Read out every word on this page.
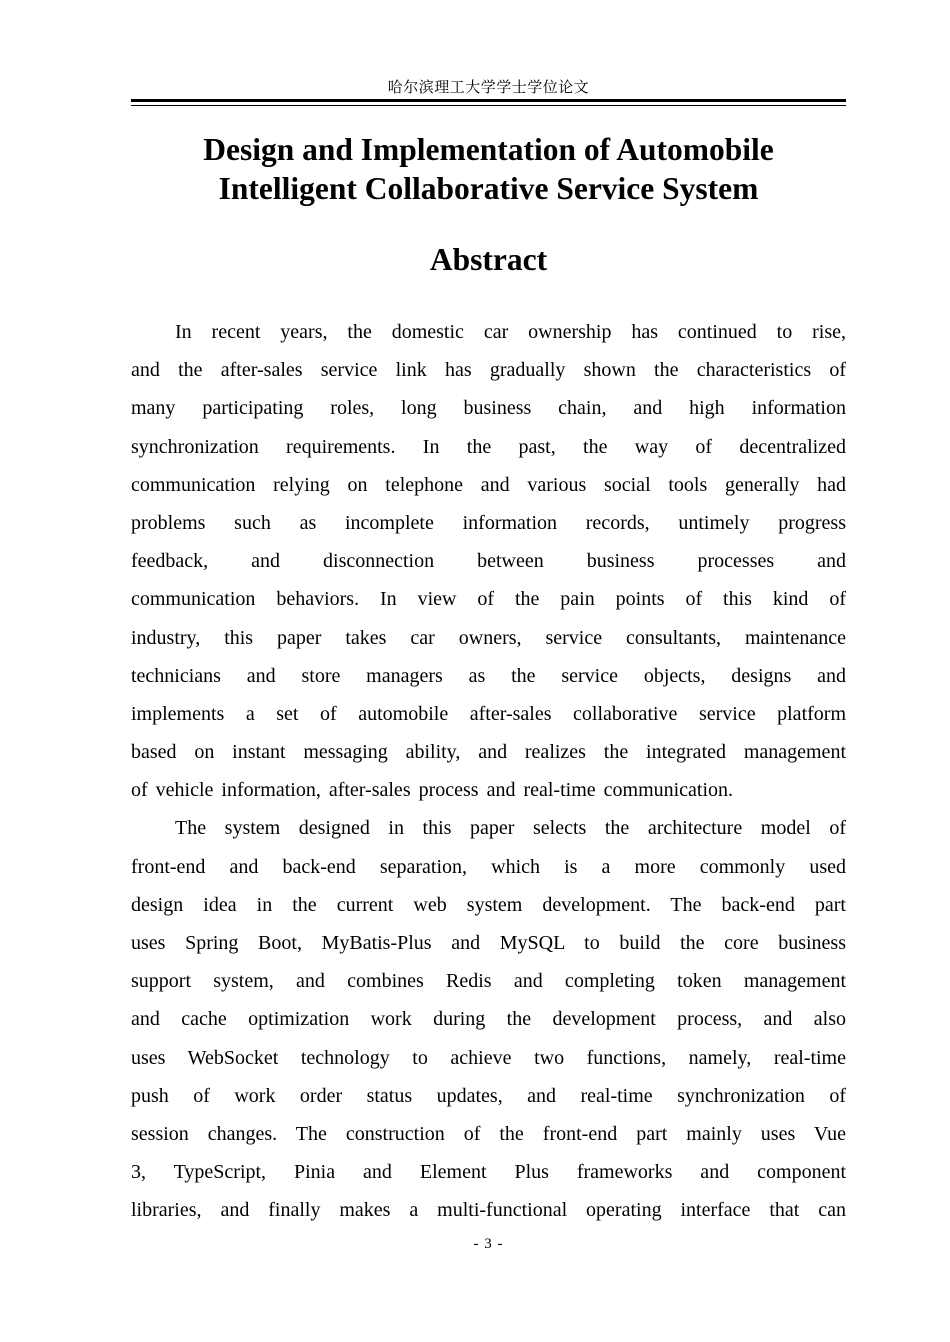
哈尔滨理工大学学士学位论文
Design and Implementation of Automobile
Intelligent Collaborative Service System
Abstract

In recent years, the domestic car ownership has continued to rise,
and the after-sales service link has gradually shown the characteristics of
many participating roles, long business chain, and high information
synchronization requirements. In the past, the way of decentralized
communication relying on telephone and various social tools generally had
problems such as incomplete information records, untimely progress
feedback, and disconnection between business processes and
communication behaviors. In view of the pain points of this kind of
industry, this paper takes car owners, service consultants, maintenance
technicians and store managers as the service objects, designs and
implements a set of automobile after-sales collaborative service platform
based on instant messaging ability, and realizes the integrated management
of vehicle information, after-sales process and real-time communication.

The system designed in this paper selects the architecture model of
front-end and back-end separation, which is a more commonly used
design idea in the current web system development. The back-end part
uses Spring Boot, MyBatis-Plus and MySQL to build the core business
support system, and combines Redis and completing token management
and cache optimization work during the development process, and also
uses WebSocket technology to achieve two functions, namely, real-time
push of work order status updates, and real-time synchronization of
session changes. The construction of the front-end part mainly uses Vue
3, TypeScript, Pinia and Element Plus frameworks and component
libraries, and finally makes a multi-functional operating interface that can

- 3 -
